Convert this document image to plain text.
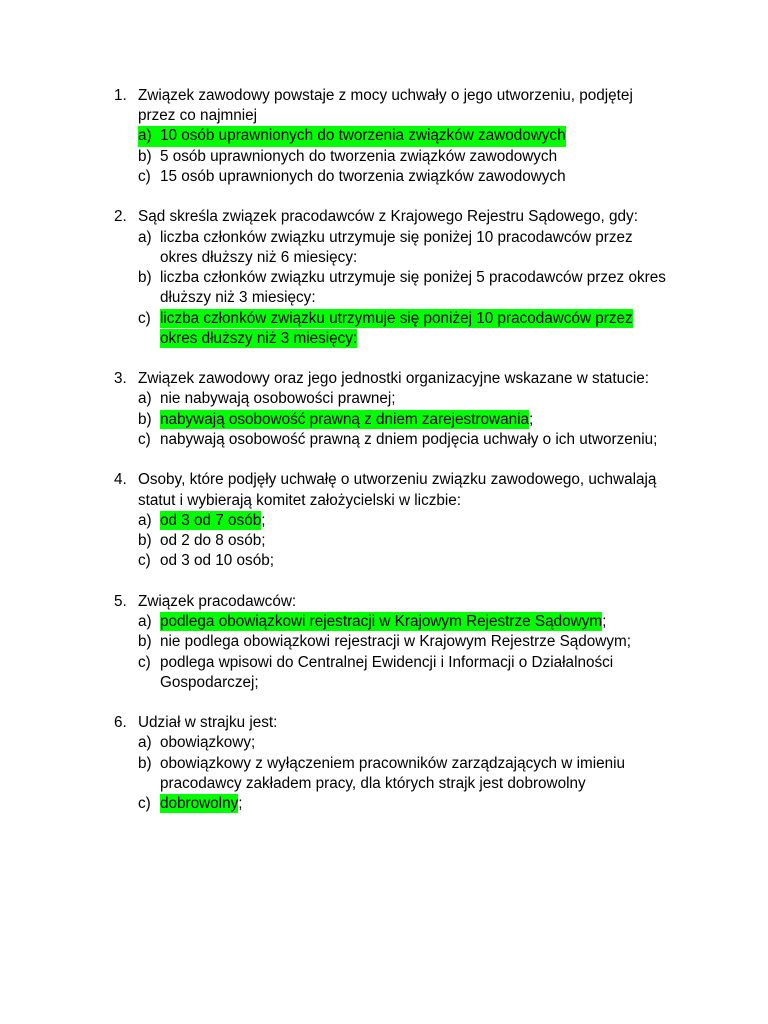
1. Związek zawodowy powstaje z mocy uchwały o jego utworzeniu, podjętej
przez co najmniej
a) 10 osób uprawnionych do tworzenia związków zawodowych
b) 5 osób uprawnionych do tworzenia związków zawodowych
c) 15 osób uprawnionych do tworzenia związków zawodowych
2. Sąd skreśla związek pracodawców z Krajowego Rejestru Sądowego, gdy:
a) liczba członków związku utrzymuje się poniżej 10 pracodawców przez
okres dłuższy niż 6 miesięcy:
b) liczba członków związku utrzymuje się poniżej 5 pracodawców przez okres
dłuższy niż 3 miesięcy:
c) liczba członków związku utrzymuje się poniżej 10 pracodawców przez
okres dłuższy niż 3 miesięcy:
3. Związek zawodowy oraz jego jednostki organizacyjne wskazane w statucie:
a) nie nabywają osobowości prawnej;
b) nabywają osobowość prawną z dniem zarejestrowania;
c) nabywają osobowość prawną z dniem podjęcia uchwały o ich utworzeniu;
4. Osoby, które podjęły uchwałę o utworzeniu związku zawodowego, uchwalają
statut i wybierają komitet założycielski w liczbie:
a) od 3 od 7 osób;
b) od 2 do 8 osób;
c) od 3 od 10 osób;
5. Związek pracodawców:
a) podlega obowiązkowi rejestracji w Krajowym Rejestrze Sądowym;
b) nie podlega obowiązkowi rejestracji w Krajowym Rejestrze Sądowym;
c) podlega wpisowi do Centralnej Ewidencji i Informacji o Działalności
Gospodarczej;
6. Udział w strajku jest:
a) obowiązkowy;
b) obowiązkowy z wyłączeniem pracowników zarządzających w imieniu
pracodawcy zakładem pracy, dla których strajk jest dobrowolny
c) dobrowolny;
